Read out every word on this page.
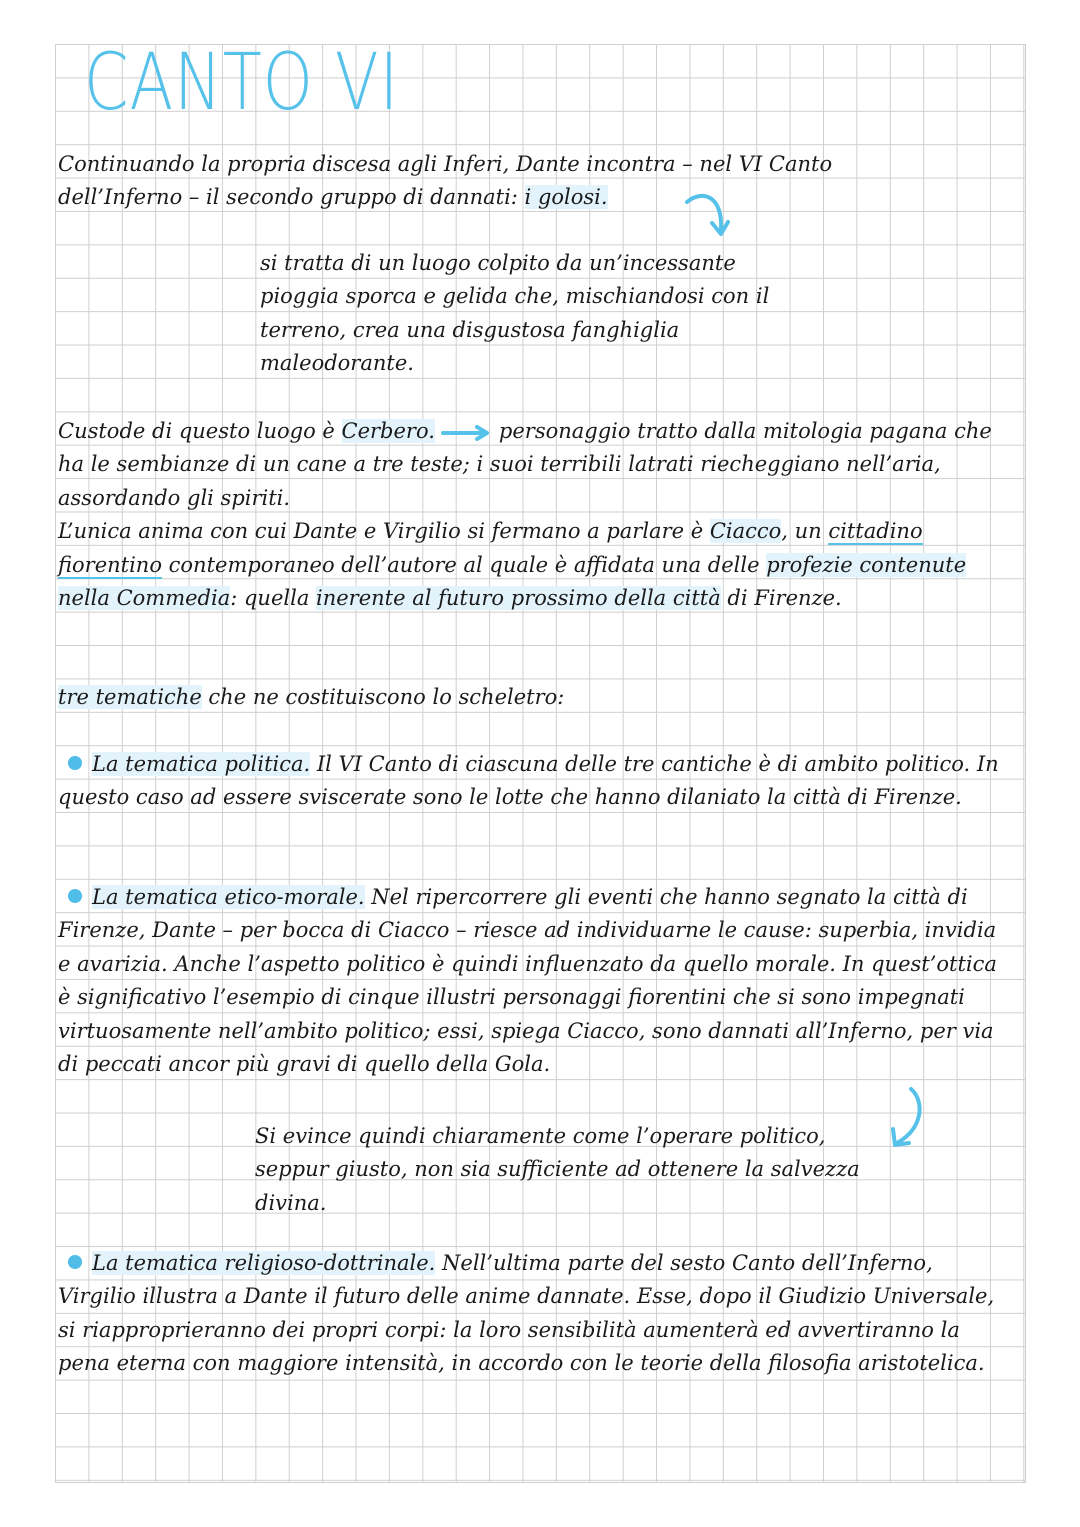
CANTO VI

Continuando la propria discesa agli Inferi, Dante incontra – nel VI Canto dell’Inferno – il secondo gruppo di dannati: i golosi.

si tratta di un luogo colpito da un’incessante pioggia sporca e gelida che, mischiandosi con il terreno, crea una disgustosa fanghiglia maleodorante.

Custode di questo luogo è Cerbero.	personaggio tratto dalla mitologia pagana che ha le sembianze di un cane a tre teste; i suoi terribili latrati riecheggiano nell’aria, assordando gli spiriti.
L’unica anima con cui Dante e Virgilio si fermano a parlare è Ciacco, un cittadino fiorentino contemporaneo dell’autore al quale è affidata una delle profezie contenute nella Commedia: quella inerente al futuro prossimo della città di Firenze.

tre tematiche che ne costituiscono lo scheletro:

La tematica politica. Il VI Canto di ciascuna delle tre cantiche è di ambito politico. In questo caso ad essere sviscerate sono le lotte che hanno dilaniato la città di Firenze.

La tematica etico-morale. Nel ripercorrere gli eventi che hanno segnato la città di Firenze, Dante – per bocca di Ciacco – riesce ad individuarne le cause: superbia, invidia e avarizia. Anche l’aspetto politico è quindi influenzato da quello morale. In quest’ottica è significativo l’esempio di cinque illustri personaggi fiorentini che si sono impegnati virtuosamente nell’ambito politico; essi, spiega Ciacco, sono dannati all’Inferno, per via di peccati ancor più gravi di quello della Gola.

Si evince quindi chiaramente come l’operare politico, seppur giusto, non sia sufficiente ad ottenere la salvezza divina.

La tematica religioso-dottrinale. Nell’ultima parte del sesto Canto dell’Inferno, Virgilio illustra a Dante il futuro delle anime dannate. Esse, dopo il Giudizio Universale, si riapproprieranno dei propri corpi: la loro sensibilità aumenterà ed avvertiranno la pena eterna con maggiore intensità, in accordo con le teorie della filosofia aristotelica.
